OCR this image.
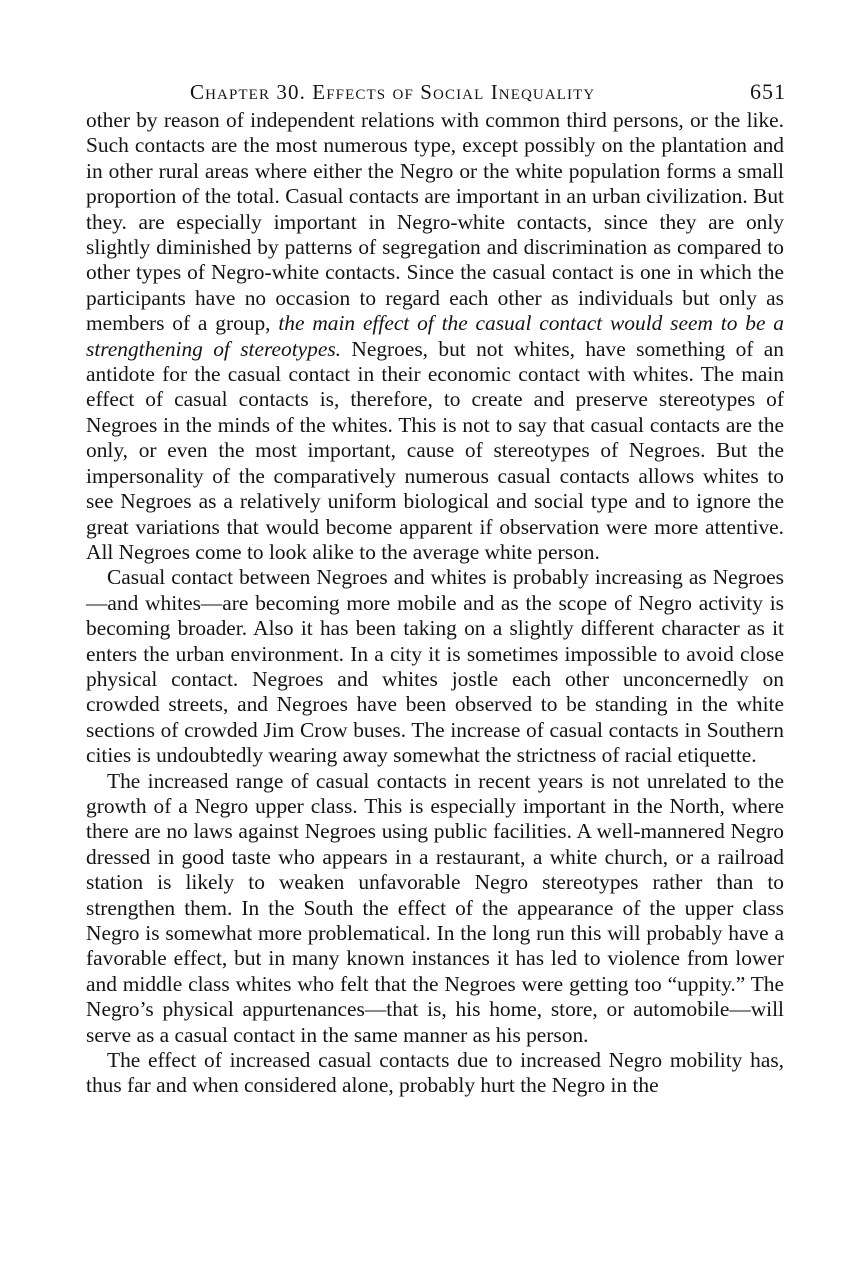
Chapter 30. Effects of Social Inequality	651

other by reason of independent relations with common third persons, or the like. Such contacts are the most numerous type, except possibly on the plantation and in other rural areas where either the Negro or the white population forms a small proportion of the total. Casual contacts are important in an urban civilization. But they. are especially important in Negro-white contacts, since they are only slightly diminished by patterns of segregation and discrimination as compared to other types of Negro-white contacts. Since the casual contact is one in which the participants have no occasion to regard each other as individuals but only as members of a group, the main effect of the casual contact would seem to be a strengthening of stereotypes. Negroes, but not whites, have something of an antidote for the casual contact in their economic contact with whites. The main effect of casual contacts is, therefore, to create and preserve stereotypes of Negroes in the minds of the whites. This is not to say that casual contacts are the only, or even the most important, cause of stereotypes of Negroes. But the impersonality of the comparatively numerous casual contacts allows whites to see Negroes as a relatively uniform biological and social type and to ignore the great variations that would become apparent if observation were more attentive. All Negroes come to look alike to the average white person.

Casual contact between Negroes and whites is probably increasing as Negroes—and whites—are becoming more mobile and as the scope of Negro activity is becoming broader. Also it has been taking on a slightly different character as it enters the urban environment. In a city it is sometimes impossible to avoid close physical contact. Negroes and whites jostle each other unconcernedly on crowded streets, and Negroes have been observed to be standing in the white sections of crowded Jim Crow buses. The increase of casual contacts in Southern cities is undoubtedly wearing away somewhat the strictness of racial etiquette.

The increased range of casual contacts in recent years is not unrelated to the growth of a Negro upper class. This is especially important in the North, where there are no laws against Negroes using public facilities. A well-mannered Negro dressed in good taste who appears in a restaurant, a white church, or a railroad station is likely to weaken unfavorable Negro stereotypes rather than to strengthen them. In the South the effect of the appearance of the upper class Negro is somewhat more problematical. In the long run this will probably have a favorable effect, but in many known instances it has led to violence from lower and middle class whites who felt that the Negroes were getting too “uppity.” The Negro’s physical appurtenances—that is, his home, store, or automobile—will serve as a casual contact in the same manner as his person.

The effect of increased casual contacts due to increased Negro mobility has, thus far and when considered alone, probably hurt the Negro in the
